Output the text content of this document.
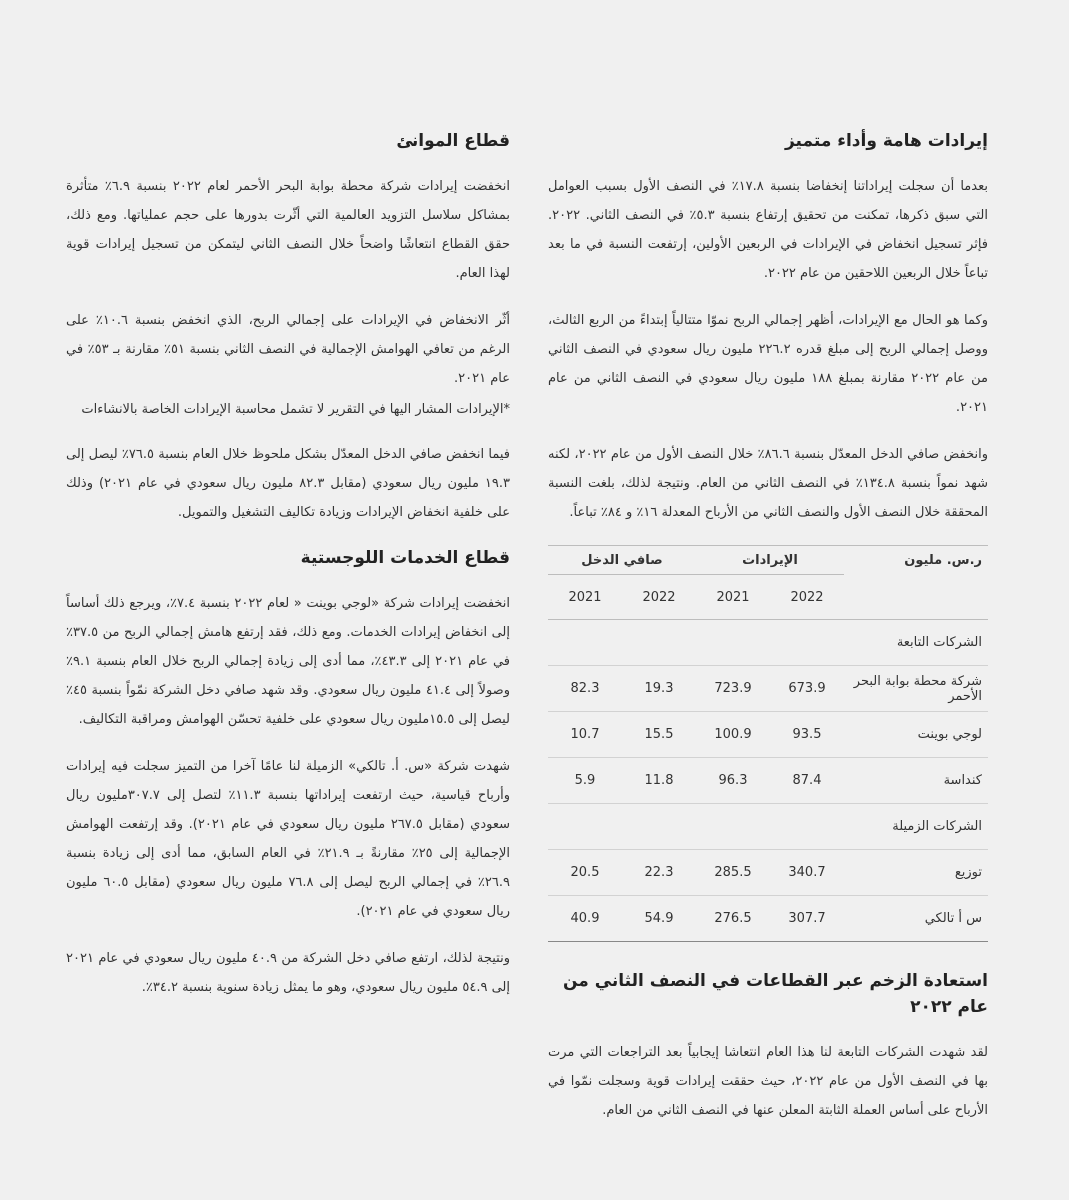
إيرادات هامة وأداء متميز

بعدما أن سجلت إيراداتنا إنخفاضا بنسبة ١٧.٨٪ في النصف الأول بسبب العوامل التي سبق ذكرها، تمكنت من تحقيق إرتفاع بنسبة ٥.٣٪ في النصف الثاني. ٢٠٢٢. فإثر تسجيل انخفاض في الإيرادات في الربعين الأولين، إرتفعت النسبة في ما بعد تباعاً خلال الربعين اللاحقين من عام ٢٠٢٢.

وكما هو الحال مع الإيرادات، أظهر إجمالي الربح نموّا متتالياً إبتداءً من الربع الثالث، ووصل إجمالي الربح إلى مبلغ قدره ٢٢٦.٢ مليون ريال سعودي في النصف الثاني من عام ٢٠٢٢ مقارنة بمبلغ ١٨٨ مليون ريال سعودي في النصف الثاني من عام ٢٠٢١.

وانخفض صافي الدخل المعدّل بنسبة ٨٦.٦٪ خلال النصف الأول من عام ٢٠٢٢، لكنه شهد نمواً بنسبة ١٣٤.٨٪ في النصف الثاني من العام. ونتيجة لذلك، بلغت النسبة المحققة خلال النصف الأول والنصف الثاني من الأرباح المعدلة ١٦٪ و ٨٤٪ تباعاً.

ر.س. مليون	الإيرادات		صافي الدخل	
	2022	2021	2022	2021
الشركات التابعة				
شركة محطة بوابة البحر الأحمر	673.9	723.9	19.3	82.3
لوجي بوينت	93.5	100.9	15.5	10.7
كنداسة	87.4	96.3	11.8	5.9
الشركات الزميلة				
توزيع	340.7	285.5	22.3	20.5
س أ تالكي	307.7	276.5	54.9	40.9
استعادة الزخم عبر القطاعات في النصف الثاني من عام ٢٠٢٢

لقد شهدت الشركات التابعة لنا هذا العام انتعاشا إيجابياً بعد التراجعات التي مرت بها في النصف الأول من عام ٢٠٢٢، حيث حققت إيرادات قوية وسجلت نمّوا في الأرباح على أساس العملة الثابتة المعلن عنها في النصف الثاني من العام.

قطاع الموانئ

انخفضت إيرادات شركة محطة بوابة البحر الأحمر لعام ٢٠٢٢ بنسبة ٦.٩٪ متأثرة بمشاكل سلاسل التزويد العالمية التي أثّرت بدورها على حجم عملياتها. ومع ذلك، حقق القطاع انتعاشًا واضحاً خلال النصف الثاني ليتمكن من تسجيل إيرادات قوية لهذا العام.

أثّر الانخفاض في الإيرادات على إجمالي الربح، الذي انخفض بنسبة ١٠.٦٪ على الرغم من تعافي الهوامش الإجمالية في النصف الثاني بنسبة ٥١٪ مقارنة بـ ٥٣٪ في عام ٢٠٢١.

*الإيرادات المشار اليها في التقرير لا تشمل محاسبة الإيرادات الخاصة بالانشاءات

فيما انخفض صافي الدخل المعدّل بشكل ملحوظ خلال العام بنسبة ٧٦.٥٪ ليصل إلى ١٩.٣ مليون ريال سعودي (مقابل ٨٢.٣ مليون ريال سعودي في عام ٢٠٢١) وذلك على خلفية انخفاض الإيرادات وزيادة تكاليف التشغيل والتمويل.

قطاع الخدمات اللوجستية

انخفضت إيرادات شركة «لوجي بوينت « لعام ٢٠٢٢ بنسبة ٧.٤٪، ويرجع ذلك أساساً إلى انخفاض إيرادات الخدمات. ومع ذلك، فقد إرتفع هامش إجمالي الربح من ٣٧.٥٪ في عام ٢٠٢١ إلى ٤٣.٣٪، مما أدى إلى زيادة إجمالي الربح خلال العام بنسبة ٩.١٪ وصولاً إلى ٤١.٤ مليون ريال سعودي. وقد شهد صافي دخل الشركة نمّواً بنسبة ٤٥٪ ليصل إلى ١٥.٥مليون ريال سعودي على خلفية تحسّن الهوامش ومراقبة التكاليف.

شهدت شركة «س. أ. تالكي» الزميلة لنا عامًا آخرا من التميز سجلت فيه إيرادات وأرباح قياسية، حيث ارتفعت إيراداتها بنسبة ١١.٣٪ لتصل إلى ٣٠٧.٧مليون ريال سعودي (مقابل ٢٦٧.٥ مليون ريال سعودي في عام ٢٠٢١). وقد إرتفعت الهوامش الإجمالية إلى ٢٥٪ مقارنةً بـ ٢١.٩٪ في العام السابق، مما أدى إلى زيادة بنسبة ٢٦.٩٪ في إجمالي الربح ليصل إلى ٧٦.٨ مليون ريال سعودي (مقابل ٦٠.٥ مليون ريال سعودي في عام ٢٠٢١).

ونتيجة لذلك، ارتفع صافي دخل الشركة من ٤٠.٩ مليون ريال سعودي في عام ٢٠٢١ إلى ٥٤.٩ مليون ريال سعودي، وهو ما يمثل زيادة سنوية بنسبة ٣٤.٢٪.
